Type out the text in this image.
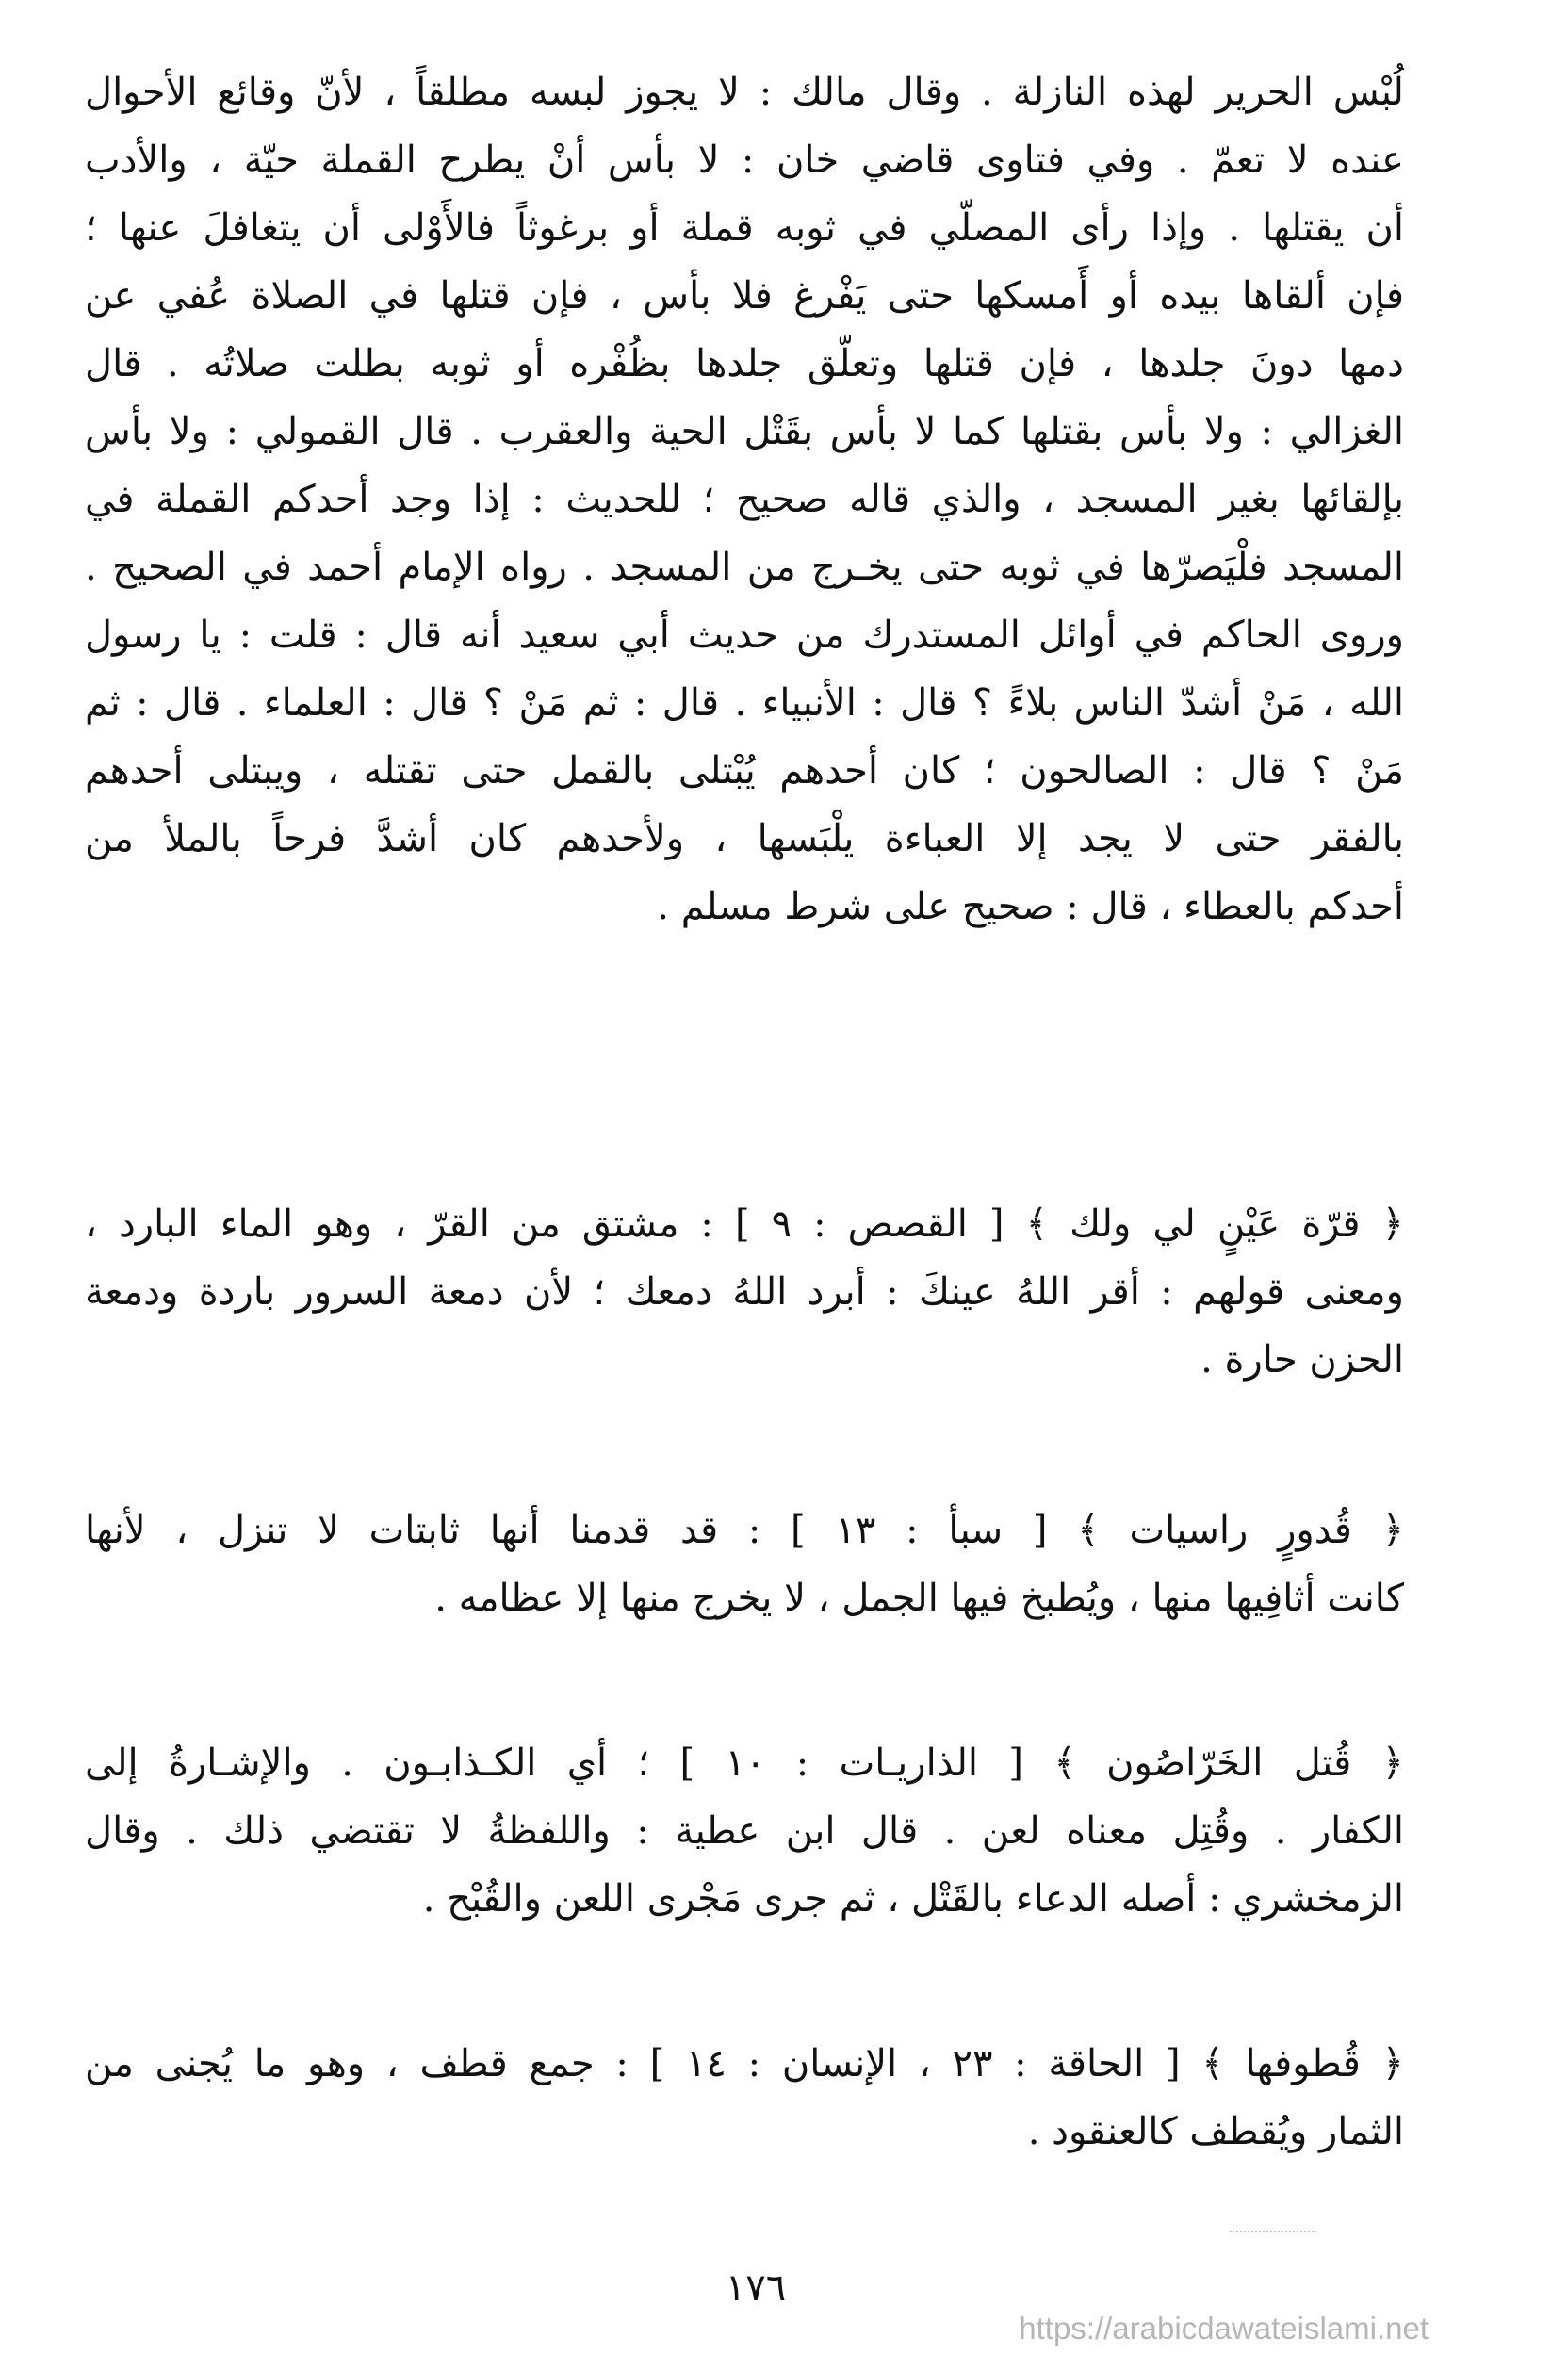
لُبْس الحرير لهذه النازلة . وقال مالك : لا يجوز لبسه مطلقاً ، لأنّ وقائع الأحوال
عنده لا تعمّ . وفي فتاوى قاضي خان : لا بأس أنْ يطرح القملة حيّة ، والأدب
أن يقتلها . وإذا رأى المصلّي في ثوبه قملة أو برغوثاً فالأَوْلى أن يتغافلَ عنها ؛
فإن ألقاها بيده أو أَمسكها حتى يَفْرغ فلا بأس ، فإن قتلها في الصلاة عُفي عن
دمها دونَ جلدها ، فإن قتلها وتعلّق جلدها بظُفْره أو ثوبه بطلت صلاتُه . قال
الغزالي : ولا بأس بقتلها كما لا بأس بقَتْل الحية والعقرب . قال القمولي : ولا بأس
بإلقائها بغير المسجد ، والذي قاله صحيح ؛ للحديث : إذا وجد أحدكم القملة في
المسجد فلْيَصرّها في ثوبه حتى يخـرج من المسجد . رواه الإمام أحمد في الصحيح .
وروى الحاكم في أوائل المستدرك من حديث أبي سعيد أنه قال : قلت : يا رسول
الله ، مَنْ أشدّ الناس بلاءً ؟ قال : الأنبياء . قال : ثم مَنْ ؟ قال : العلماء . قال : ثم
مَنْ ؟ قال : الصالحون ؛ كان أحدهم يُبْتلى بالقمل حتى تقتله ، ويبتلى أحدهم
بالفقر حتى لا يجد إلا العباءة يلْبَسها ، ولأحدهم كان أشدَّ فرحاً بالملأ من
أحدكم بالعطاء ، قال : صحيح على شرط مسلم .
﴿ قرّة عَيْنٍ لي ولك ﴾ [ القصص : ٩ ] : مشتق من القرّ ، وهو الماء البارد ،
ومعنى قولهم : أقر اللهُ عينكَ : أبرد اللهُ دمعك ؛ لأن دمعة السرور باردة ودمعة
الحزن حارة .
﴿ قُدورٍ راسيات ﴾ [ سبأ : ١٣ ] : قد قدمنا أنها ثابتات لا تنزل ، لأنها
كانت أثافِيها منها ، ويُطبخ فيها الجمل ، لا يخرج منها إلا عظامه .
﴿ قُتل الخَرّاصُون ﴾ [ الذاريـات : ١٠ ] ؛ أي الكـذابـون . والإشـارةُ إلى
الكفار . وقُتِل معناه لعن . قال ابن عطية : واللفظةُ لا تقتضي ذلك . وقال
الزمخشري : أصله الدعاء بالقَتْل ، ثم جرى مَجْرى اللعن والقُبْح .
﴿ قُطوفها ﴾ [ الحاقة : ٢٣ ، الإنسان : ١٤ ] : جمع قطف ، وهو ما يُجنى من
الثمار ويُقطف كالعنقود .
١٧٦
https://arabicdawateislami.net
